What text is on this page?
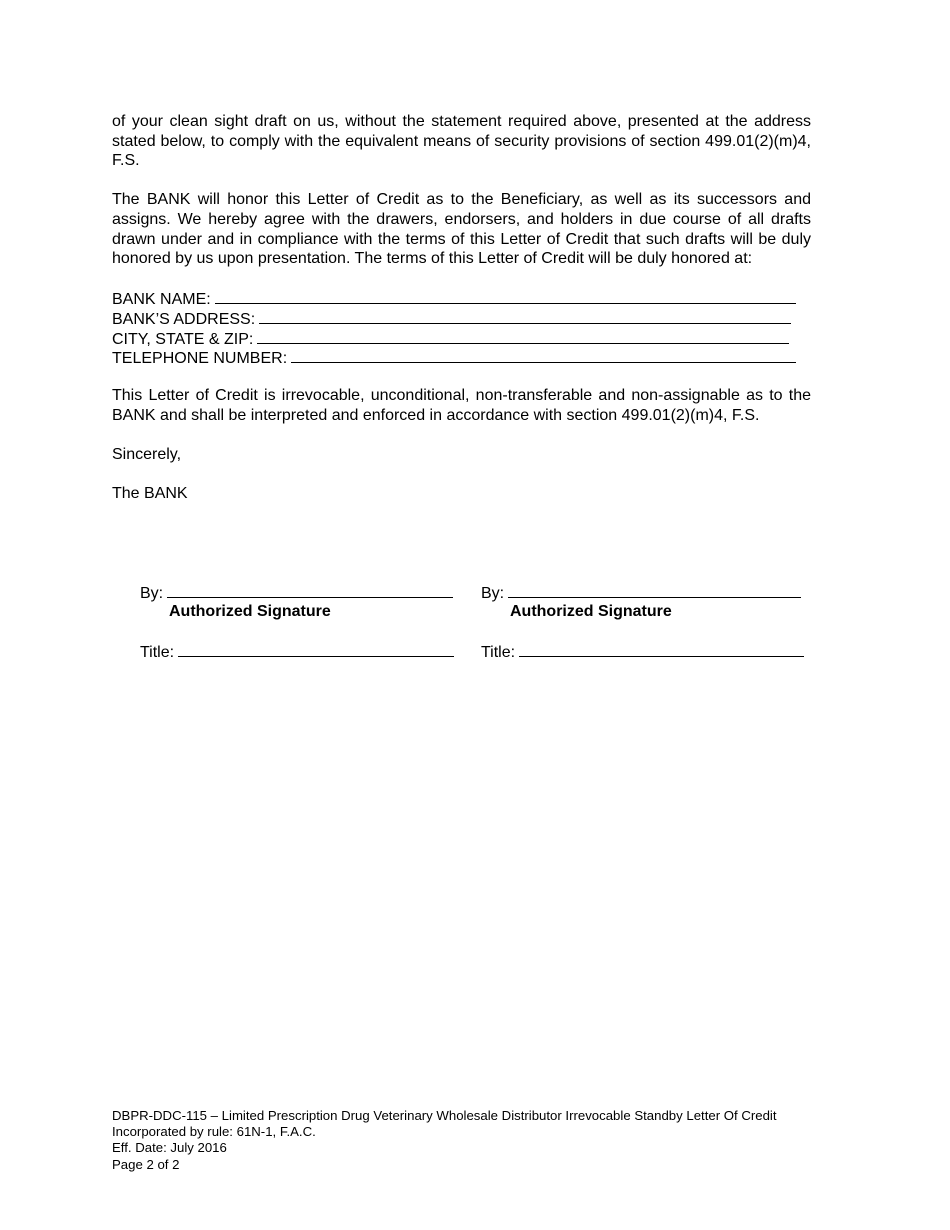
of your clean sight draft on us, without the statement required above, presented at the address stated below, to comply with the equivalent means of security provisions of section 499.01(2)(m)4, F.S.

The BANK will honor this Letter of Credit as to the Beneficiary, as well as its successors and assigns. We hereby agree with the drawers, endorsers, and holders in due course of all drafts drawn under and in compliance with the terms of this Letter of Credit that such drafts will be duly honored by us upon presentation. The terms of this Letter of Credit will be duly honored at:

BANK NAME:
BANK’S ADDRESS:
CITY, STATE & ZIP:
TELEPHONE NUMBER:

This Letter of Credit is irrevocable, unconditional, non-transferable and non-assignable as to the BANK and shall be interpreted and enforced in accordance with section 499.01(2)(m)4, F.S.

Sincerely,

The BANK

By:
Authorized Signature
Title:
By:
Authorized Signature
Title:
DBPR-DDC-115 – Limited Prescription Drug Veterinary Wholesale Distributor Irrevocable Standby Letter Of Credit
Incorporated by rule: 61N-1, F.A.C.
Eff. Date: July 2016
Page 2 of 2
